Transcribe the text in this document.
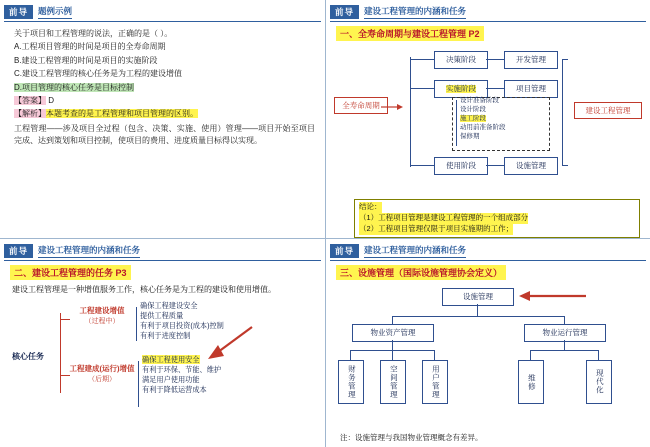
前导	题例示例

关于项目和工程管理的说法，正确的是（ ）。

A.工程项目管理的时间是项目的全寿命周期

B.建设工程管理的时间是项目的实施阶段

C.建设工程管理的核心任务是为工程的建设增值

D.项目管理的核心任务是目标控制

【答案】 D

【解析】本题考查的是工程管理和项目管理的区别。

工程管理——涉及项目全过程（包含、决策、实施、使用）管理——项目开始至项目完成、达到策划和项目控制，使项目的费用、进度质量目标得以实现。

前导	建设工程管理的内涵和任务
一、全寿命周期与建设工程管理 P2
全寿命周期
决策阶段	开发管理
实施阶段	项目管理
设计准备阶段
设计阶段
施工阶段
动用前准备阶段
保修期
使用阶段	设施管理
建设工程管理
结论：
（1）工程项目管理是建设工程管理的一个组成部分
（2）工程项目管理仅限于项目实施期的工作；
前导	建设工程管理的内涵和任务
二、建设工程管理的任务 P3
建设工程管理是一种增值服务工作，核心任务是为工程的建设和使用增值。
核心任务
工程建设增值
（过程中）
确保工程建设安全
提供工程质量
有利于项目投资(成本)控制
有利于进度控制
工程建成(运行)增值
（后期）
确保工程使用安全
有利于环保、节能、维护
满足用户使用功能
有利于降低运营成本
前导	建设工程管理的内涵和任务
三、设施管理（国际设施管理协会定义）
设施管理
物业资产管理	物业运行管理
财务管理	空间管理	用户管理	维修	现代化
注：设施管理与我国物业管理概念有差异。
